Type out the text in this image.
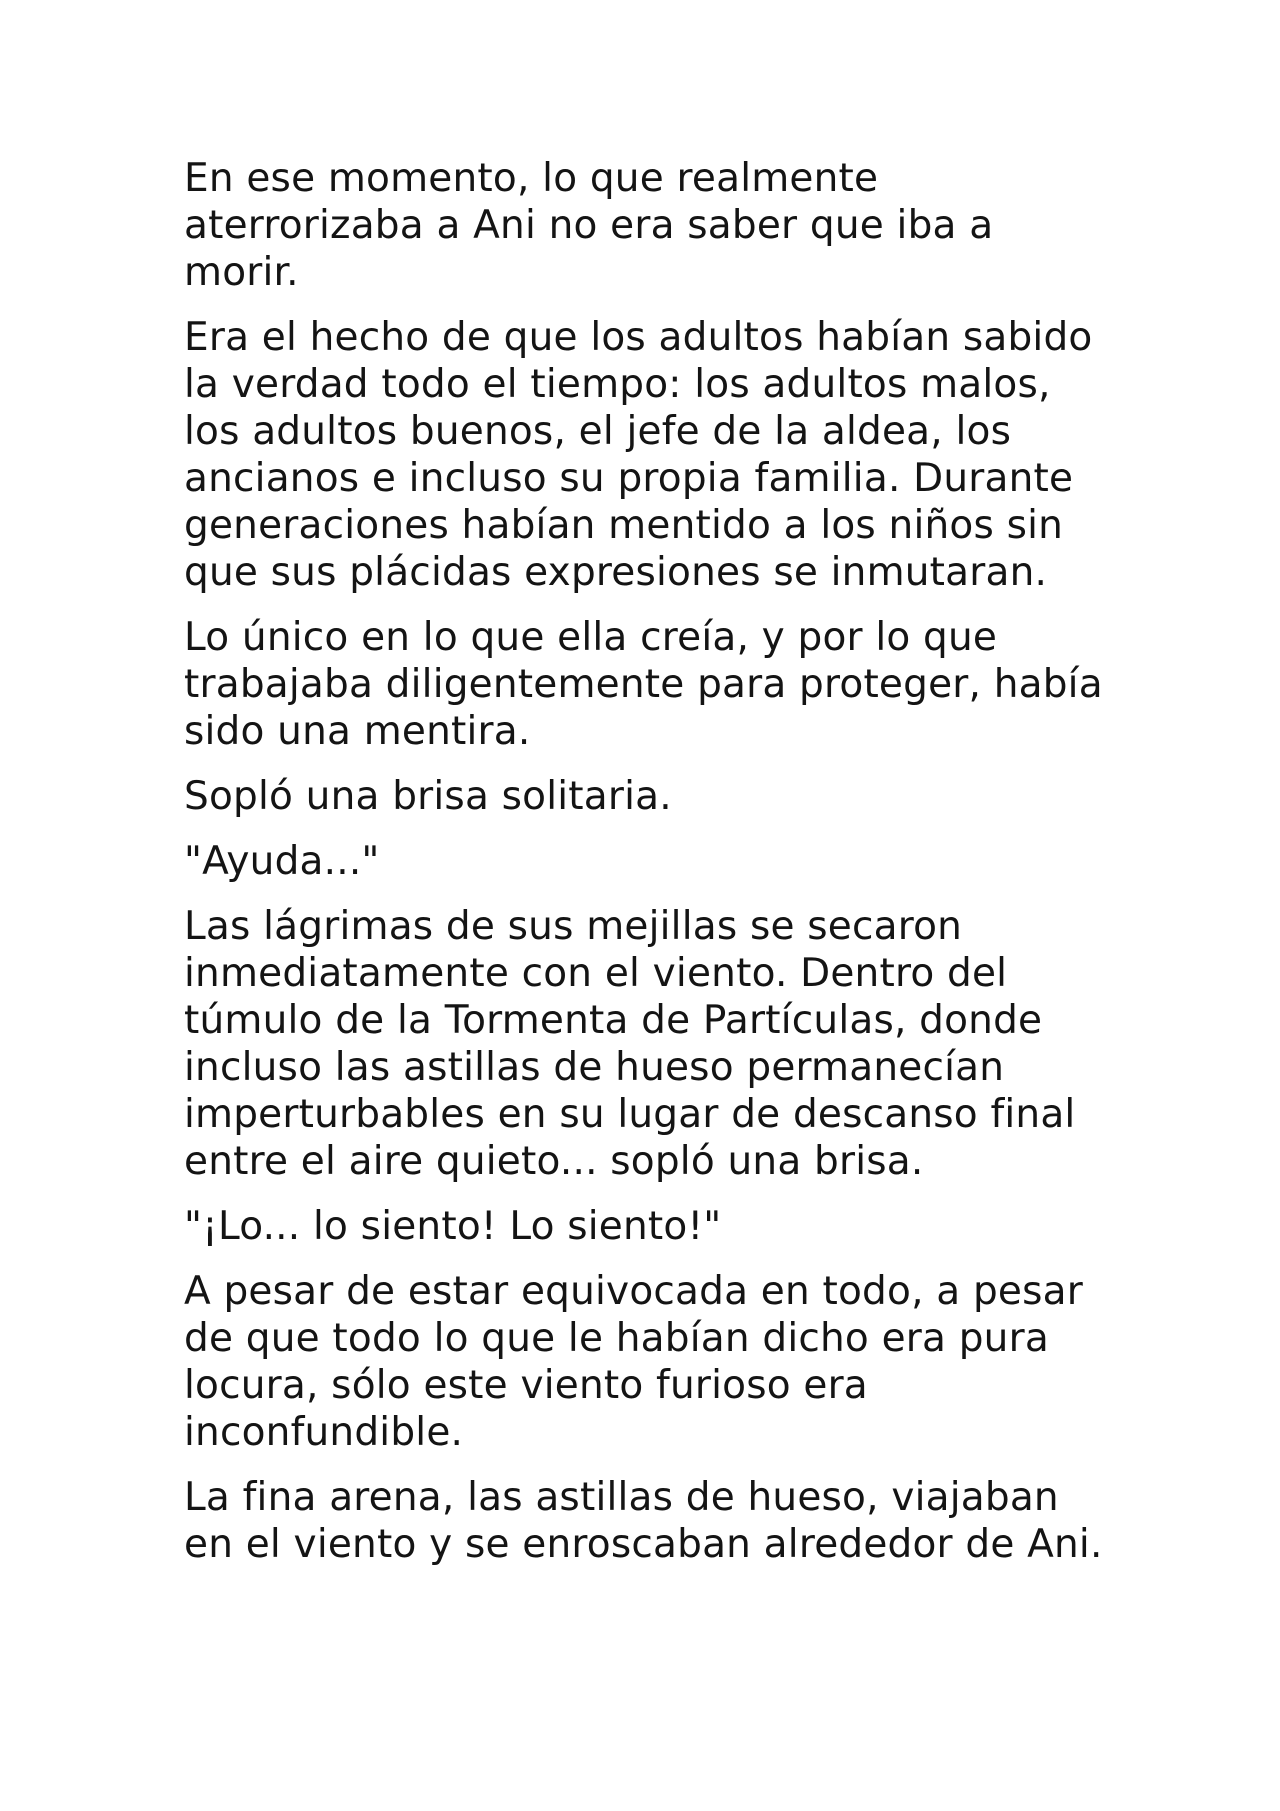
En ese momento, lo que realmente
aterrorizaba a Ani no era saber que iba a
morir.

Era el hecho de que los adultos habían sabido
la verdad todo el tiempo: los adultos malos,
los adultos buenos, el jefe de la aldea, los
ancianos e incluso su propia familia. Durante
generaciones habían mentido a los niños sin
que sus plácidas expresiones se inmutaran.

Lo único en lo que ella creía, y por lo que
trabajaba diligentemente para proteger, había
sido una mentira.

Sopló una brisa solitaria.

"Ayuda..."

Las lágrimas de sus mejillas se secaron
inmediatamente con el viento. Dentro del
túmulo de la Tormenta de Partículas, donde
incluso las astillas de hueso permanecían
imperturbables en su lugar de descanso final
entre el aire quieto... sopló una brisa.

"¡Lo... lo siento! Lo siento!"

A pesar de estar equivocada en todo, a pesar
de que todo lo que le habían dicho era pura
locura, sólo este viento furioso era
inconfundible.

La fina arena, las astillas de hueso, viajaban
en el viento y se enroscaban alrededor de Ani.
